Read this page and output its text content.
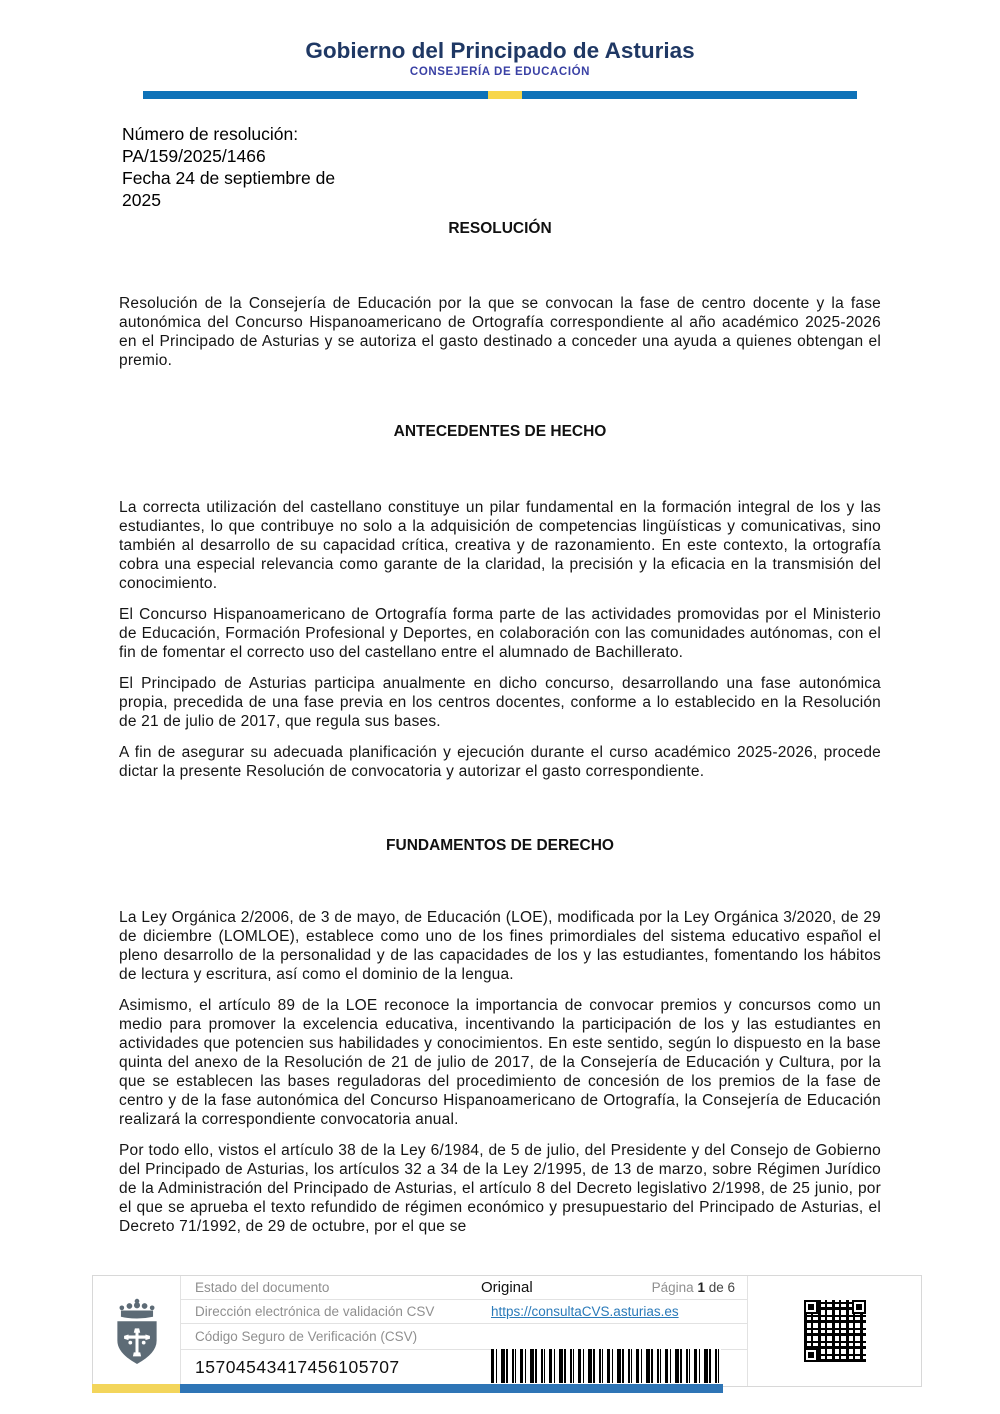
Gobierno del Principado de Asturias
CONSEJERÍA DE EDUCACIÓN
Número de resolución:
PA/159/2025/1466
Fecha 24 de septiembre de
2025
RESOLUCIÓN

Resolución de la Consejería de Educación por la que se convocan la fase de centro docente y la fase autonómica del Concurso Hispanoamericano de Ortografía correspondiente al año académico 2025-2026 en el Principado de Asturias y se autoriza el gasto destinado a conceder una ayuda a quienes obtengan el premio.

ANTECEDENTES DE HECHO

La correcta utilización del castellano constituye un pilar fundamental en la formación integral de los y las estudiantes, lo que contribuye no solo a la adquisición de competencias lingüísticas y comunicativas, sino también al desarrollo de su capacidad crítica, creativa y de razonamiento. En este contexto, la ortografía cobra una especial relevancia como garante de la claridad, la precisión y la eficacia en la transmisión del conocimiento.

El Concurso Hispanoamericano de Ortografía forma parte de las actividades promovidas por el Ministerio de Educación, Formación Profesional y Deportes, en colaboración con las comunidades autónomas, con el fin de fomentar el correcto uso del castellano entre el alumnado de Bachillerato.

El Principado de Asturias participa anualmente en dicho concurso, desarrollando una fase autonómica propia, precedida de una fase previa en los centros docentes, conforme a lo establecido en la Resolución de 21 de julio de 2017, que regula sus bases.

A fin de asegurar su adecuada planificación y ejecución durante el curso académico 2025-2026, procede dictar la presente Resolución de convocatoria y autorizar el gasto correspondiente.

FUNDAMENTOS DE DERECHO

La Ley Orgánica 2/2006, de 3 de mayo, de Educación (LOE), modificada por la Ley Orgánica 3/2020, de 29 de diciembre (LOMLOE), establece como uno de los fines primordiales del sistema educativo español el pleno desarrollo de la personalidad y de las capacidades de los y las estudiantes, fomentando los hábitos de lectura y escritura, así como el dominio de la lengua.

Asimismo, el artículo 89 de la LOE reconoce la importancia de convocar premios y concursos como un medio para promover la excelencia educativa, incentivando la participación de los y las estudiantes en actividades que potencien sus habilidades y conocimientos. En este sentido, según lo dispuesto en la base quinta del anexo de la Resolución de 21 de julio de 2017, de la Consejería de Educación y Cultura, por la que se establecen las bases reguladoras del procedimiento de concesión de los premios de la fase de centro y de la fase autonómica del Concurso Hispanoamericano de Ortografía, la Consejería de Educación realizará la correspondiente convocatoria anual.

Por todo ello, vistos el artículo 38 de la Ley 6/1984, de 5 de julio, del Presidente y del Consejo de Gobierno del Principado de Asturias, los artículos 32 a 34 de la Ley 2/1995, de 13 de marzo, sobre Régimen Jurídico de la Administración del Principado de Asturias, el artículo 8 del Decreto legislativo 2/1998, de 25 junio, por el que se aprueba el texto refundido de régimen económico y presupuestario del Principado de Asturias, el Decreto 71/1992, de 29 de octubre, por el que se

Estado del documento	Original	Página 1 de 6
Dirección electrónica de validación CSV	https://consultaCVS.asturias.es
Código Seguro de Verificación (CSV)
15704543417456105707
